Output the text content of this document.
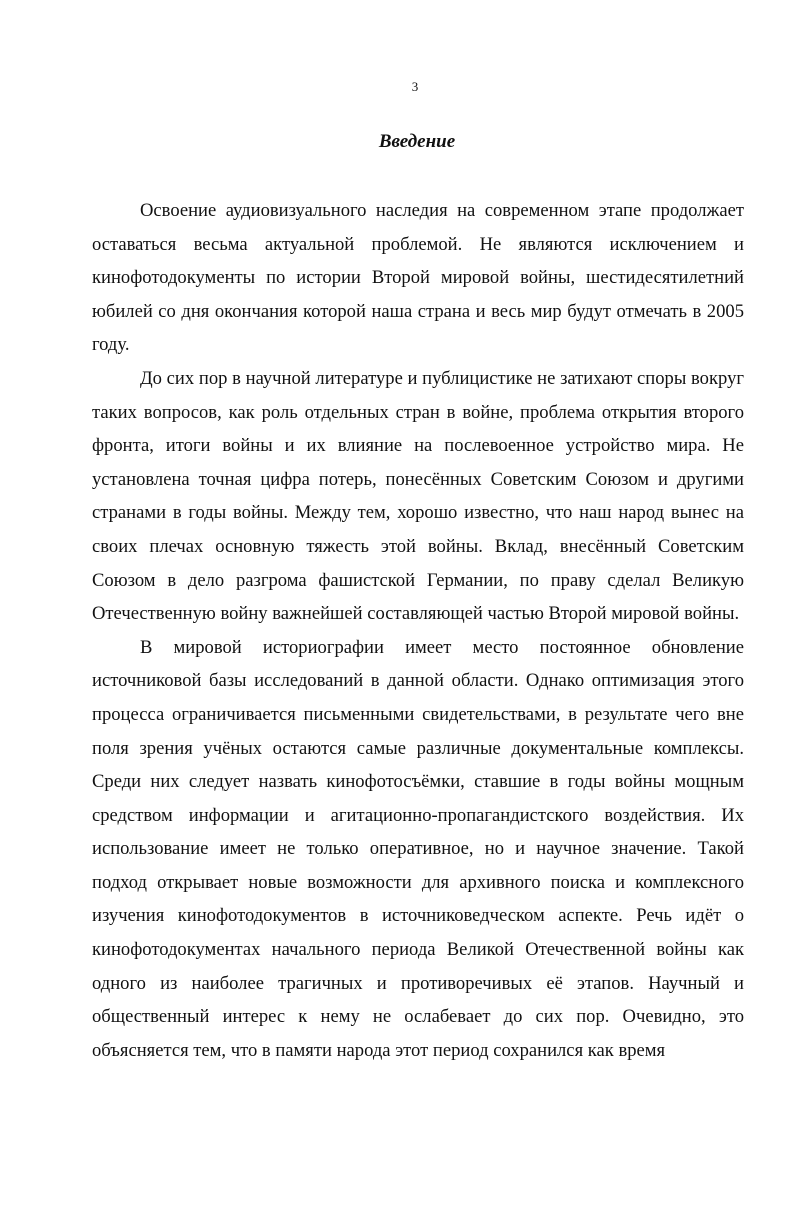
3
Введение

Освоение аудиовизуального наследия на современном этапе продолжает оставаться весьма актуальной проблемой. Не являются исключением и кинофотодокументы по истории Второй мировой войны, шестидесятилетний юбилей со дня окончания которой наша страна и весь мир будут отмечать в 2005 году.

До сих пор в научной литературе и публицистике не затихают споры вокруг таких вопросов, как роль отдельных стран в войне, проблема открытия второго фронта, итоги войны и их влияние на послевоенное устройство мира. Не установлена точная цифра потерь, понесённых Советским Союзом и другими странами в годы войны. Между тем, хорошо известно, что наш народ вынес на своих плечах основную тяжесть этой войны. Вклад, внесённый Советским Союзом в дело разгрома фашистской Германии, по праву сделал Великую Отечественную войну важнейшей составляющей частью Второй мировой войны.

В мировой историографии имеет место постоянное обновление источниковой базы исследований в данной области. Однако оптимизация этого процесса ограничивается письменными свидетельствами, в результате чего вне поля зрения учёных остаются самые различные документальные комплексы. Среди них следует назвать кинофотосъёмки, ставшие в годы войны мощным средством информации и агитационно-пропагандистского воздействия. Их использование имеет не только оперативное, но и научное значение. Такой подход открывает новые возможности для архивного поиска и комплексного изучения кинофотодокументов в источниковедческом аспекте. Речь идёт о кинофотодокументах начального периода Великой Отечественной войны как одного из наиболее трагичных и противоречивых её этапов. Научный и общественный интерес к нему не ослабевает до сих пор. Очевидно, это объясняется тем, что в памяти народа этот период сохранился как время
